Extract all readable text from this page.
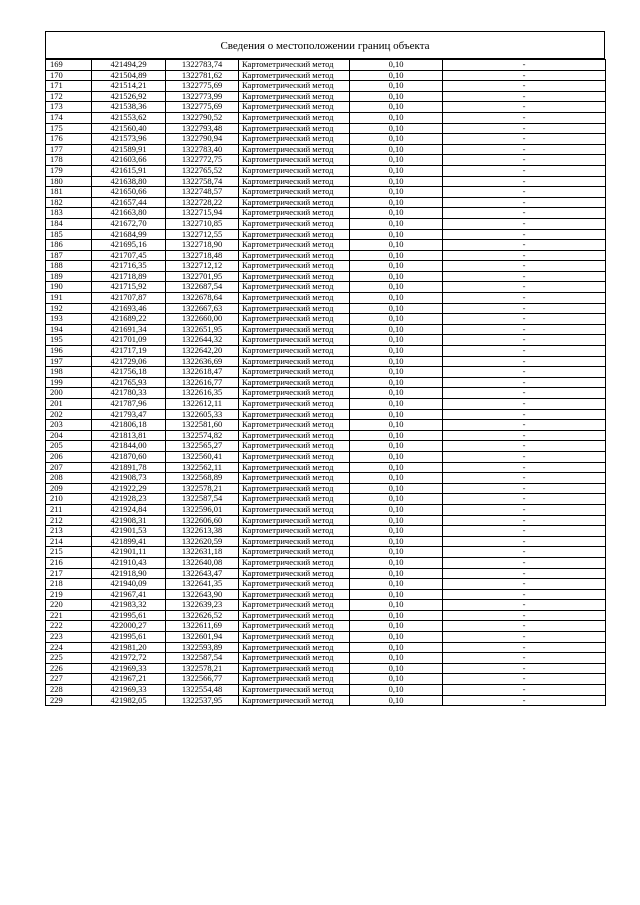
Сведения о местоположении границ объекта
169	421494,29	1322783,74	Картометрический метод	0,10	-
170	421504,89	1322781,62	Картометрический метод	0,10	-
171	421514,21	1322775,69	Картометрический метод	0,10	-
172	421526,92	1322773,99	Картометрический метод	0,10	-
173	421538,36	1322775,69	Картометрический метод	0,10	-
174	421553,62	1322790,52	Картометрический метод	0,10	-
175	421560,40	1322793,48	Картометрический метод	0,10	-
176	421573,96	1322790,94	Картометрический метод	0,10	-
177	421589,91	1322783,40	Картометрический метод	0,10	-
178	421603,66	1322772,75	Картометрический метод	0,10	-
179	421615,91	1322765,52	Картометрический метод	0,10	-
180	421638,80	1322758,74	Картометрический метод	0,10	-
181	421650,66	1322748,57	Картометрический метод	0,10	-
182	421657,44	1322728,22	Картометрический метод	0,10	-
183	421663,80	1322715,94	Картометрический метод	0,10	-
184	421672,70	1322710,85	Картометрический метод	0,10	-
185	421684,99	1322712,55	Картометрический метод	0,10	-
186	421695,16	1322718,90	Картометрический метод	0,10	-
187	421707,45	1322718,48	Картометрический метод	0,10	-
188	421716,35	1322712,12	Картометрический метод	0,10	-
189	421718,89	1322701,95	Картометрический метод	0,10	-
190	421715,92	1322687,54	Картометрический метод	0,10	-
191	421707,87	1322678,64	Картометрический метод	0,10	-
192	421693,46	1322667,63	Картометрический метод	0,10	-
193	421689,22	1322660,00	Картометрический метод	0,10	-
194	421691,34	1322651,95	Картометрический метод	0,10	-
195	421701,09	1322644,32	Картометрический метод	0,10	-
196	421717,19	1322642,20	Картометрический метод	0,10	-
197	421729,06	1322636,69	Картометрический метод	0,10	-
198	421756,18	1322618,47	Картометрический метод	0,10	-
199	421765,93	1322616,77	Картометрический метод	0,10	-
200	421780,33	1322616,35	Картометрический метод	0,10	-
201	421787,96	1322612,11	Картометрический метод	0,10	-
202	421793,47	1322605,33	Картометрический метод	0,10	-
203	421806,18	1322581,60	Картометрический метод	0,10	-
204	421813,81	1322574,82	Картометрический метод	0,10	-
205	421844,00	1322565,27	Картометрический метод	0,10	-
206	421870,60	1322560,41	Картометрический метод	0,10	-
207	421891,78	1322562,11	Картометрический метод	0,10	-
208	421908,73	1322568,89	Картометрический метод	0,10	-
209	421922,29	1322578,21	Картометрический метод	0,10	-
210	421928,23	1322587,54	Картометрический метод	0,10	-
211	421924,84	1322596,01	Картометрический метод	0,10	-
212	421908,31	1322606,60	Картометрический метод	0,10	-
213	421901,53	1322613,38	Картометрический метод	0,10	-
214	421899,41	1322620,59	Картометрический метод	0,10	-
215	421901,11	1322631,18	Картометрический метод	0,10	-
216	421910,43	1322640,08	Картометрический метод	0,10	-
217	421918,90	1322643,47	Картометрический метод	0,10	-
218	421940,09	1322641,35	Картометрический метод	0,10	-
219	421967,41	1322643,90	Картометрический метод	0,10	-
220	421983,32	1322639,23	Картометрический метод	0,10	-
221	421995,61	1322626,52	Картометрический метод	0,10	-
222	422000,27	1322611,69	Картометрический метод	0,10	-
223	421995,61	1322601,94	Картометрический метод	0,10	-
224	421981,20	1322593,89	Картометрический метод	0,10	-
225	421972,72	1322587,54	Картометрический метод	0,10	-
226	421969,33	1322578,21	Картометрический метод	0,10	-
227	421967,21	1322566,77	Картометрический метод	0,10	-
228	421969,33	1322554,48	Картометрический метод	0,10	-
229	421982,05	1322537,95	Картометрический метод	0,10	-
